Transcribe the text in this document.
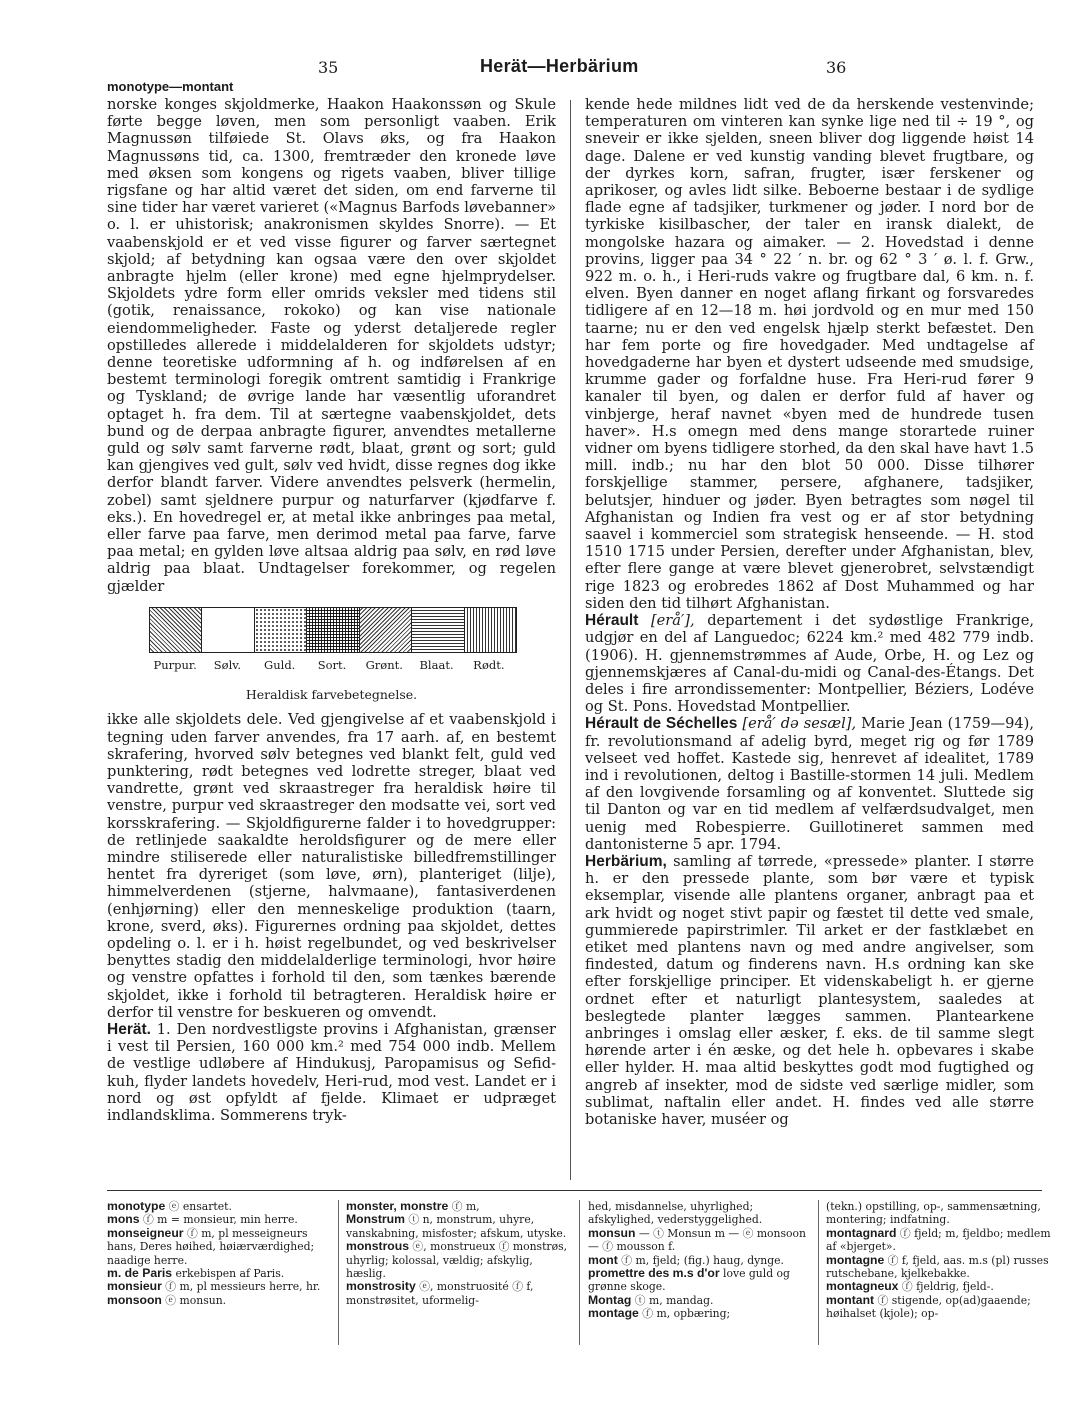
35	Herät—Herbärium	36
monotype—montant

norske konges skjoldmerke, Haakon Haakonssøn og Skule førte begge løven, men som personligt vaaben. Erik Magnussøn tilføiede St. Olavs øks, og fra Haakon Magnussøns tid, ca. 1300, fremtræder den kronede løve med øksen som kongens og rigets vaaben, bliver tillige rigsfane og har altid været det siden, om end farverne til sine tider har været varieret («Magnus Barfods løvebanner» o. l. er uhistorisk; anakronismen skyldes Snorre). — Et vaabenskjold er et ved visse figurer og farver særtegnet skjold; af betydning kan ogsaa være den over skjoldet anbragte hjelm (eller krone) med egne hjelmprydelser. Skjoldets ydre form eller omrids veksler med tidens stil (gotik, renaissance, rokoko) og kan vise nationale eiendommeligheder. Faste og yderst detaljerede regler opstilledes allerede i middelalderen for skjoldets udstyr; denne teoretiske udformning af h. og indførelsen af en bestemt terminologi foregik omtrent samtidig i Frankrige og Tyskland; de øvrige lande har væsentlig uforandret optaget h. fra dem. Til at særtegne vaabenskjoldet, dets bund og de derpaa anbragte figurer, anvendtes metallerne guld og sølv samt farverne rødt, blaat, grønt og sort; guld kan gjengives ved gult, sølv ved hvidt, disse regnes dog ikke derfor blandt farver. Videre anvendtes pelsverk (hermelin, zobel) samt sjeldnere purpur og naturfarver (kjødfarve f. eks.). En hovedregel er, at metal ikke anbringes paa metal, eller farve paa farve, men derimod metal paa farve, farve paa metal; en gylden løve altsaa aldrig paa sølv, en rød løve aldrig paa blaat. Undtagelser forekommer, og regelen gjælder

Purpur.	Sølv.	Guld.	Sort.	Grønt.	Blaat.	Rødt.
Heraldisk farvebetegnelse.

ikke alle skjoldets dele. Ved gjengivelse af et vaabenskjold i tegning uden farver anvendes, fra 17 aarh. af, en bestemt skrafering, hvorved sølv betegnes ved blankt felt, guld ved punktering, rødt betegnes ved lodrette streger, blaat ved vandrette, grønt ved skraastreger fra heraldisk høire til venstre, purpur ved skraastreger den modsatte vei, sort ved korsskrafering. — Skjoldfigurerne falder i to hovedgrupper: de retlinjede saakaldte heroldsfigurer og de mere eller mindre stiliserede eller naturalistiske billedfremstillinger hentet fra dyreriget (som løve, ørn), planteriget (lilje), himmelverdenen (stjerne, halvmaane), fantasiverdenen (enhjørning) eller den menneskelige produktion (taarn, krone, sverd, øks). Figurernes ordning paa skjoldet, dettes opdeling o. l. er i h. høist regelbundet, og ved beskrivelser benyttes stadig den middelalderlige terminologi, hvor høire og venstre opfattes i forhold til den, som tænkes bærende skjoldet, ikke i forhold til betragteren. Heraldisk høire er derfor til venstre for beskueren og omvendt.

Herät. 1. Den nordvestligste provins i Afghanistan, grænser i vest til Persien, 160 000 km.² med 754 000 indb. Mellem de vestlige udløbere af Hindukusj, Paropamisus og Sefid-kuh, flyder landets hovedelv, Heri-rud, mod vest. Landet er i nord og øst opfyldt af fjelde. Klimaet er udpræget indlandsklima. Sommerens tryk-

kende hede mildnes lidt ved de da herskende vestenvinde; temperaturen om vinteren kan synke lige ned til ÷ 19 °, og sneveir er ikke sjelden, sneen bliver dog liggende høist 14 dage. Dalene er ved kunstig vanding blevet frugtbare, og der dyrkes korn, safran, frugter, især ferskener og aprikoser, og avles lidt silke. Beboerne bestaar i de sydlige flade egne af tadsjiker, turkmener og jøder. I nord bor de tyrkiske kisilbascher, der taler en iransk dialekt, de mongolske hazara og aimaker. — 2. Hovedstad i denne provins, ligger paa 34 ° 22 ′ n. br. og 62 ° 3 ′ ø. l. f. Grw., 922 m. o. h., i Heri-ruds vakre og frugtbare dal, 6 km. n. f. elven. Byen danner en noget aflang firkant og forsvaredes tidligere af en 12—18 m. høi jordvold og en mur med 150 taarne; nu er den ved engelsk hjælp sterkt befæstet. Den har fem porte og fire hovedgader. Med undtagelse af hovedgaderne har byen et dystert udseende med smudsige, krumme gader og forfaldne huse. Fra Heri-rud fører 9 kanaler til byen, og dalen er derfor fuld af haver og vinbjerge, heraf navnet «byen med de hundrede tusen haver». H.s omegn med dens mange storartede ruiner vidner om byens tidligere storhed, da den skal have havt 1.5 mill. indb.; nu har den blot 50 000. Disse tilhører forskjellige stammer, persere, afghanere, tadsjiker, belutsjer, hinduer og jøder. Byen betragtes som nøgel til Afghanistan og Indien fra vest og er af stor betydning saavel i kommerciel som strategisk henseende. — H. stod 1510 1715 under Persien, derefter under Afghanistan, blev, efter flere gange at være blevet gjenerobret, selvstændigt rige 1823 og erobredes 1862 af Dost Muhammed og har siden den tid tilhørt Afghanistan.

Hérault [erå′], departement i det sydøstlige Frankrige, udgjør en del af Languedoc; 6224 km.² med 482 779 indb. (1906). H. gjennemstrømmes af Aude, Orbe, H. og Lez og gjennemskjæres af Canal-du-midi og Canal-des-Étangs. Det deles i fire arrondissementer: Montpellier, Béziers, Lodéve og St. Pons. Hovedstad Montpellier.

Hérault de Séchelles [erå′ də sesæl], Marie Jean (1759—94), fr. revolutionsmand af adelig byrd, meget rig og før 1789 velseet ved hoffet. Kastede sig, henrevet af idealitet, 1789 ind i revolutionen, deltog i Bastille-stormen 14 juli. Medlem af den lovgivende forsamling og af konventet. Sluttede sig til Danton og var en tid medlem af velfærdsudvalget, men uenig med Robespierre. Guillotineret sammen med dantonisterne 5 apr. 1794.

Herbärium, samling af tørrede, «pressede» planter. I større h. er den pressede plante, som bør være et typisk eksemplar, visende alle plantens organer, anbragt paa et ark hvidt og noget stivt papir og fæstet til dette ved smale, gummierede papirstrimler. Til arket er der fastklæbet en etiket med plantens navn og med andre angivelser, som findested, datum og finderens navn. H.s ordning kan ske efter forskjellige principer. Et videnskabeligt h. er gjerne ordnet efter et naturligt plantesystem, saaledes at beslegtede planter lægges sammen. Plantearkene anbringes i omslag eller æsker, f. eks. de til samme slegt hørende arter i én æske, og det hele h. opbevares i skabe eller hylder. H. maa altid beskyttes godt mod fugtighed og angreb af insekter, mod de sidste ved særlige midler, som sublimat, naftalin eller andet. H. findes ved alle større botaniske haver, muséer og

monotype ⓔ ensartet.

mons ⓕ m = monsieur, min herre.

monseigneur ⓕ m, pl messeigneurs hans, Deres høihed, høiærværdighed; naadige herre.

m. de Paris erkebispen af Paris.

monsieur ⓕ m, pl messieurs herre, hr.

monsoon ⓔ monsun.

monster, monstre ⓕ m,

Monstrum ⓣ n, monstrum, uhyre, vanskabning, misfoster; afskum, utyske.

monstrous ⓔ, monstrueux ⓕ monstrøs, uhyrlig; kolossal, vældig; afskylig, hæslig.

monstrosity ⓔ, monstruosité ⓕ f, monstrøsitet, uformelig-

hed, misdannelse, uhyrlighed; afskylighed, vederstyggelighed.

monsun — ⓣ Monsun m — ⓔ monsoon — ⓕ mousson f.

mont ⓕ m, fjeld; (fig.) haug, dynge.

promettre des m.s d'or love guld og grønne skoge.

Montag ⓣ m, mandag.

montage ⓕ m, opbæring;

(tekn.) opstilling, op-, sammensætning, montering; indfatning.

montagnard ⓕ fjeld; m, fjeldbo; medlem af «bjerget».

montagne ⓕ f, fjeld, aas. m.s (pl) russes rutschebane, kjelkebakke.

montagneux ⓕ fjeldrig, fjeld-.

montant ⓕ stigende, op(ad)gaaende; høihalset (kjole); op-
